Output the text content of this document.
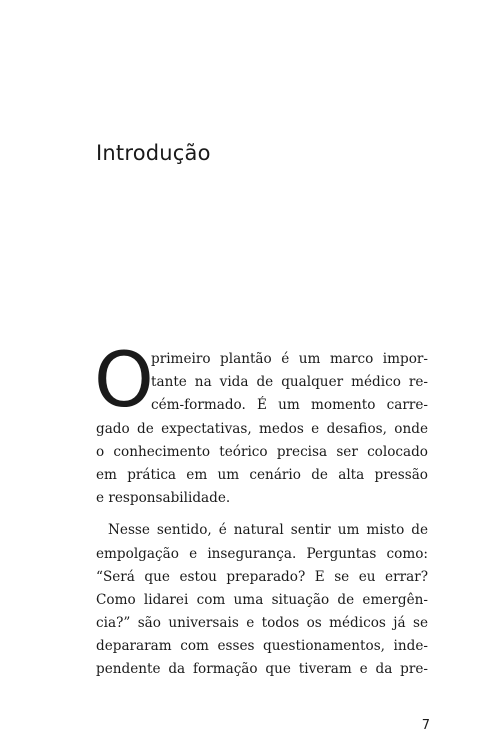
Introdução
O
primeiro plantão é um marco impor-
tante na vida de qualquer médico re-
cém-formado. É um momento carre-
gado de expectativas, medos e desafios, onde
o conhecimento teórico precisa ser colocado
em prática em um cenário de alta pressão
e responsabilidade.
Nesse sentido, é natural sentir um misto de
empolgação e insegurança. Perguntas como:
“Será que estou preparado? E se eu errar?
Como lidarei com uma situação de emergên-
cia?” são universais e todos os médicos já se
depararam com esses questionamentos, inde-
pendente da formação que tiveram e da pre-
7
